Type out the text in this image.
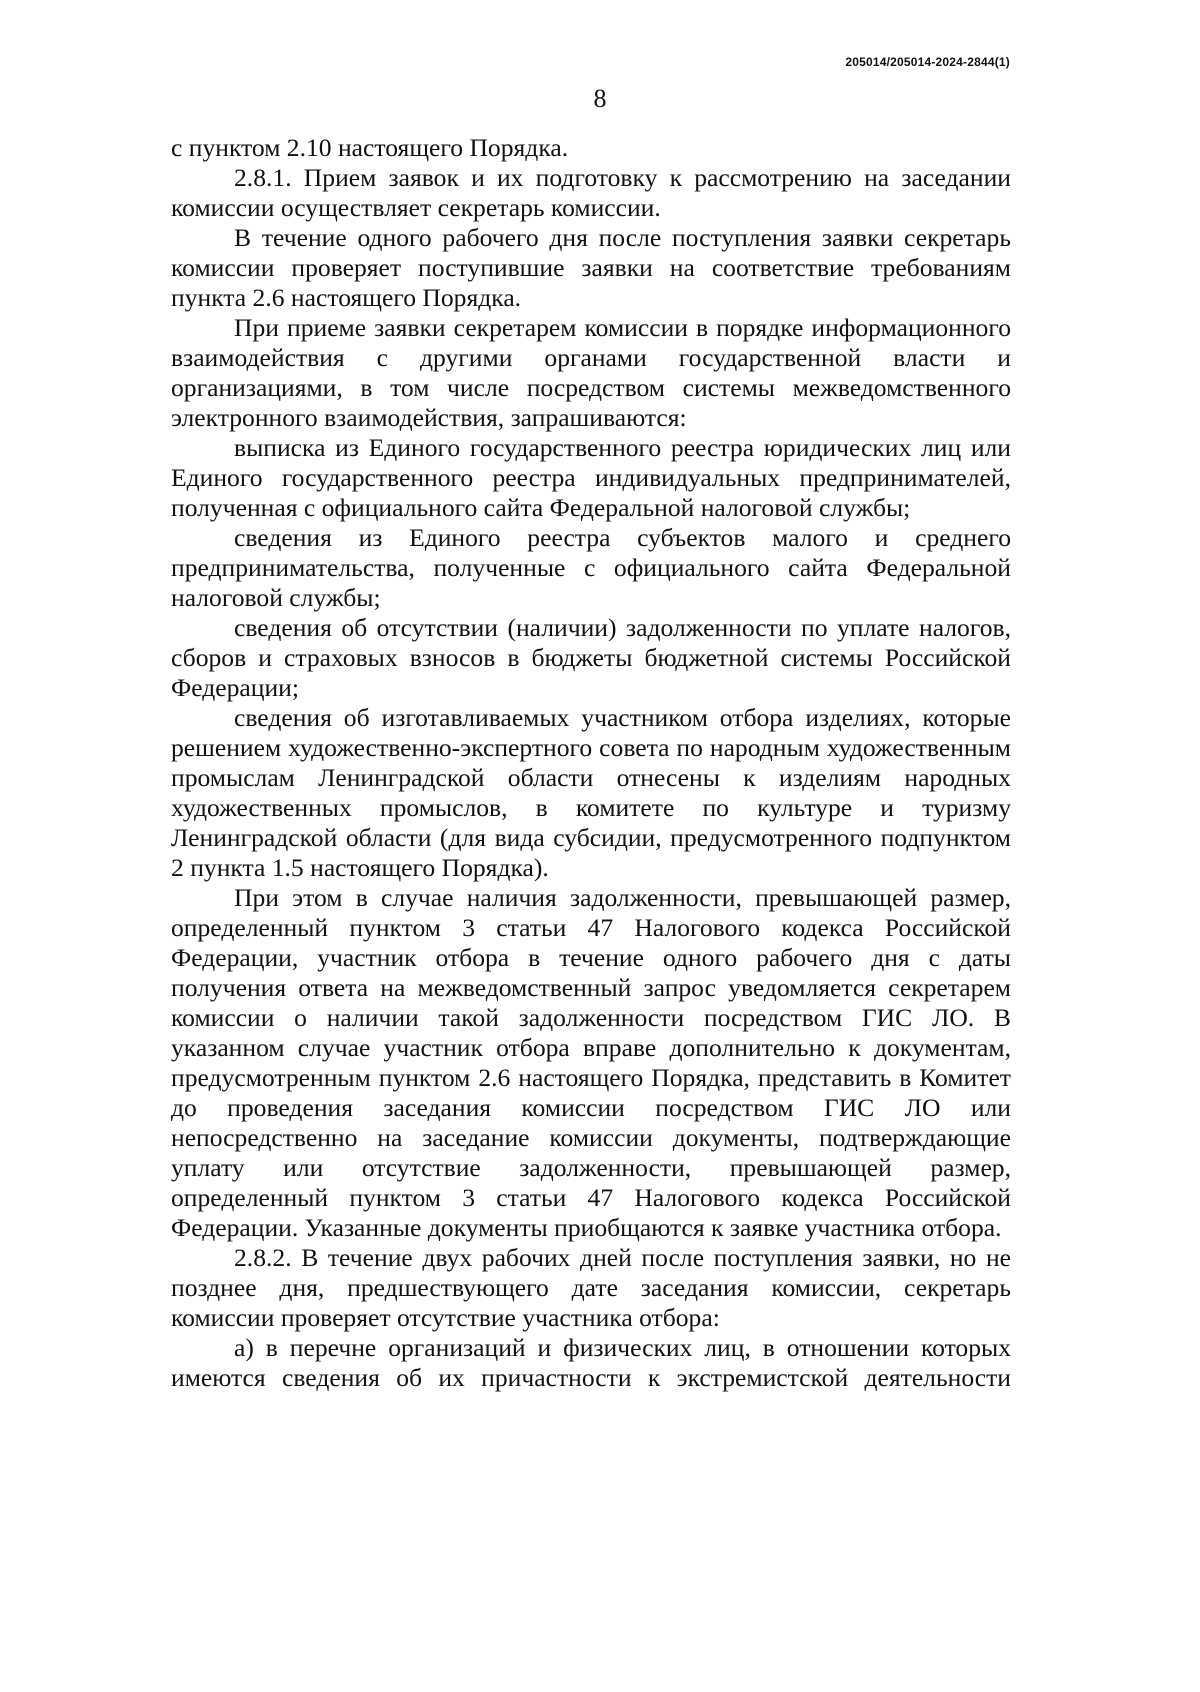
205014/205014-2024-2844(1)
8

с пунктом 2.10 настоящего Порядка.

2.8.1. Прием заявок и их подготовку к рассмотрению на заседании комиссии осуществляет секретарь комиссии.

В течение одного рабочего дня после поступления заявки секретарь комиссии проверяет поступившие заявки на соответствие требованиям пункта 2.6 настоящего Порядка.

При приеме заявки секретарем комиссии в порядке информационного взаимодействия с другими органами государственной власти и организациями, в том числе посредством системы межведомственного электронного взаимодействия, запрашиваются:

выписка из Единого государственного реестра юридических лиц или Единого государственного реестра индивидуальных предпринимателей, полученная с официального сайта Федеральной налоговой службы;

сведения из Единого реестра субъектов малого и среднего предпринимательства, полученные с официального сайта Федеральной налоговой службы;

сведения об отсутствии (наличии) задолженности по уплате налогов, сборов и страховых взносов в бюджеты бюджетной системы Российской Федерации;

сведения об изготавливаемых участником отбора изделиях, которые решением художественно-экспертного совета по народным художественным промыслам Ленинградской области отнесены к изделиям народных художественных промыслов, в комитете по культуре и туризму Ленинградской области (для вида субсидии, предусмотренного подпунктом 2 пункта 1.5 настоящего Порядка).

При этом в случае наличия задолженности, превышающей размер, определенный пунктом 3 статьи 47 Налогового кодекса Российской Федерации, участник отбора в течение одного рабочего дня с даты получения ответа на межведомственный запрос уведомляется секретарем комиссии о наличии такой задолженности посредством ГИС ЛО. В указанном случае участник отбора вправе дополнительно к документам, предусмотренным пунктом 2.6 настоящего Порядка, представить в Комитет до проведения заседания комиссии посредством ГИС ЛО или непосредственно на заседание комиссии документы, подтверждающие уплату или отсутствие задолженности, превышающей размер, определенный пунктом 3 статьи 47 Налогового кодекса Российской Федерации. Указанные документы приобщаются к заявке участника отбора.

2.8.2. В течение двух рабочих дней после поступления заявки, но не позднее дня, предшествующего дате заседания комиссии, секретарь комиссии проверяет отсутствие участника отбора:

а) в перечне организаций и физических лиц, в отношении которых имеются сведения об их причастности к экстремистской деятельности
